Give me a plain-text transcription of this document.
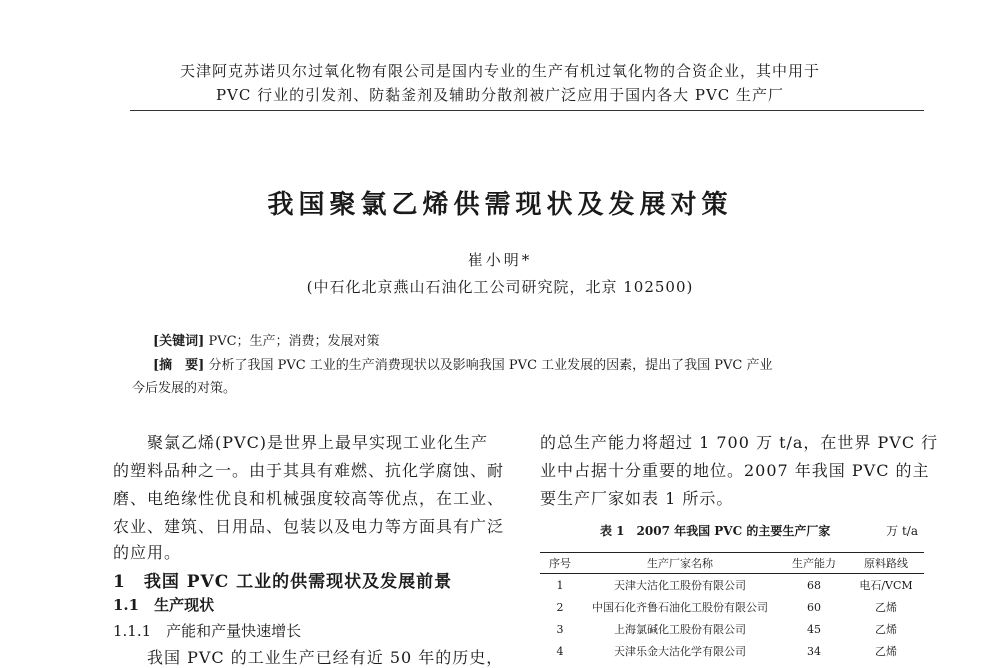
天津阿克苏诺贝尔过氧化物有限公司是国内专业的生产有机过氧化物的合资企业，其中用于
PVC 行业的引发剂、防黏釜剂及辅助分散剂被广泛应用于国内各大 PVC 生产厂
我国聚氯乙烯供需现状及发展对策
崔小明*
(中石化北京燕山石油化工公司研究院，北京 102500)
[关键词] PVC；生产；消费；发展对策
[摘　要] 分析了我国 PVC 工业的生产消费现状以及影响我国 PVC 工业发展的因素，提出了我国 PVC 产业
今后发展的对策。
　　聚氯乙烯(PVC)是世界上最早实现工业化生产
的塑料品种之一。由于其具有难燃、抗化学腐蚀、耐
磨、电绝缘性优良和机械强度较高等优点，在工业、
农业、建筑、日用品、包装以及电力等方面具有广泛
的应用。
1　我国 PVC 工业的供需现状及发展前景
1.1　生产现状
1.1.1　产能和产量快速增长
　　我国 PVC 的工业生产已经有近 50 年的历史，
的总生产能力将超过 1 700 万 t/a，在世界 PVC 行
业中占据十分重要的地位。2007 年我国 PVC 的主
要生产厂家如表 1 所示。
表 1　2007 年我国 PVC 的主要生产厂家	万 t/a
序号	生产厂家名称	生产能力	原料路线
1	天津大沽化工股份有限公司	68	电石/VCM
2	中国石化齐鲁石油化工股份有限公司	60	乙烯
3	上海氯碱化工股份有限公司	45	乙烯
4	天津乐金大沽化学有限公司	34	乙烯
